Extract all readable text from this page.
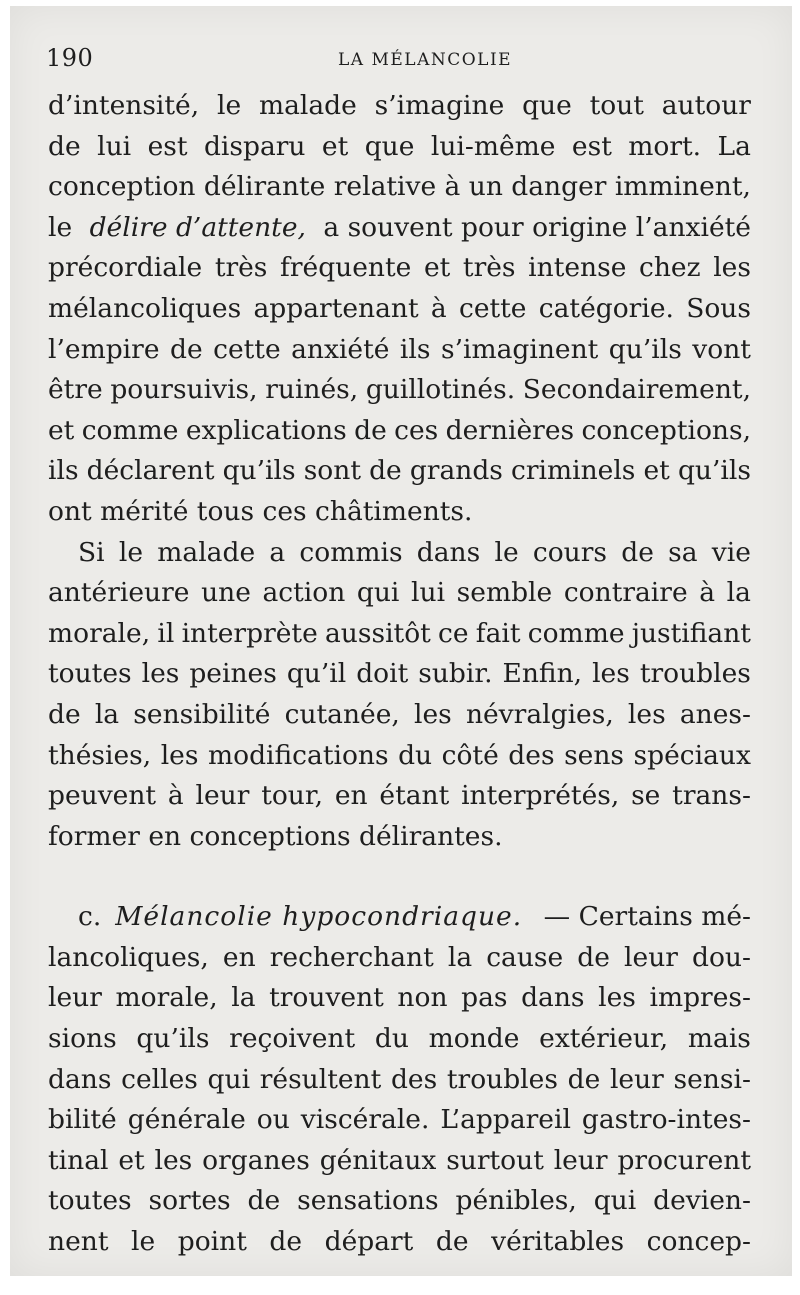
190	LA MÉLANCOLIE
d’intensité, le malade s’imagine que tout autour
de lui est disparu et que lui-même est mort. La
conception délirante relative à un danger imminent,
le délire d’attente, a souvent pour origine l’anxiété
précordiale très fréquente et très intense chez les
mélancoliques appartenant à cette catégorie. Sous
l’empire de cette anxiété ils s’imaginent qu’ils vont
être poursuivis, ruinés, guillotinés. Secondairement,
et comme explications de ces dernières conceptions,
ils déclarent qu’ils sont de grands criminels et qu’ils
ont mérité tous ces châtiments.
Si le malade a commis dans le cours de sa vie
antérieure une action qui lui semble contraire à la
morale, il interprète aussitôt ce fait comme justifiant
toutes les peines qu’il doit subir. Enfin, les troubles
de la sensibilité cutanée, les névralgies, les anes-
thésies, les modifications du côté des sens spéciaux
peuvent à leur tour, en étant interprétés, se trans-
former en conceptions délirantes.
c. Mélancolie hypocondriaque. — Certains mé-
lancoliques, en recherchant la cause de leur dou-
leur morale, la trouvent non pas dans les impres-
sions qu’ils reçoivent du monde extérieur, mais
dans celles qui résultent des troubles de leur sensi-
bilité générale ou viscérale. L’appareil gastro-intes-
tinal et les organes génitaux surtout leur procurent
toutes sortes de sensations pénibles, qui devien-
nent le point de départ de véritables concep-
